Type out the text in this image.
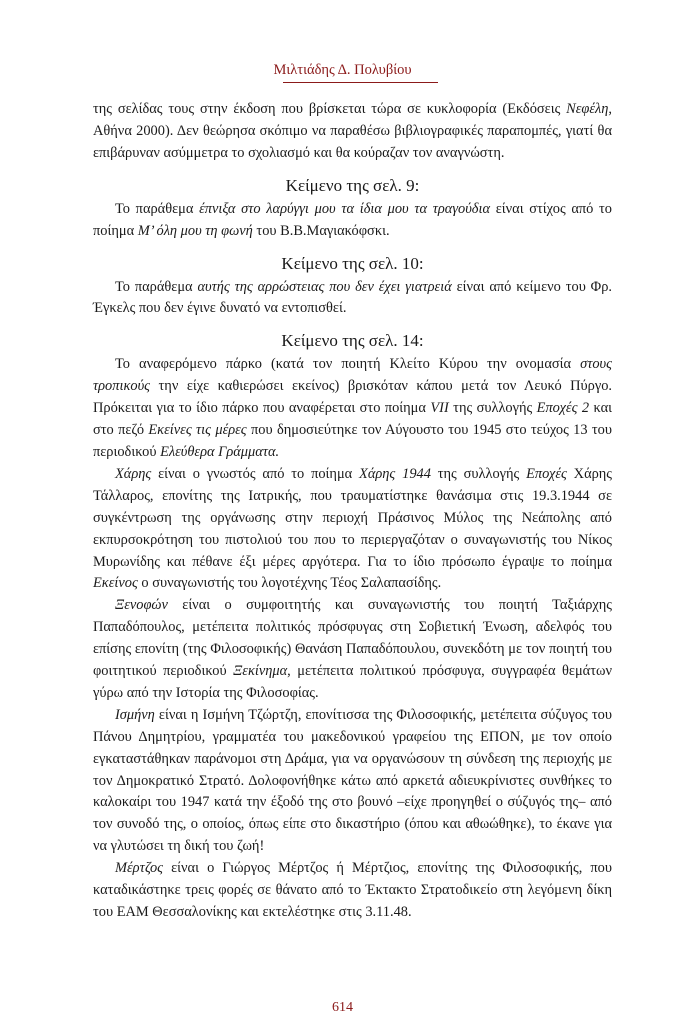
Μιλτιάδης Δ. Πολυβίου

της σελίδας τους στην έκδοση που βρίσκεται τώρα σε κυκλοφορία (Εκδόσεις Νεφέλη, Αθήνα 2000). Δεν θεώρησα σκόπιμο να παραθέσω βιβλιογραφικές παραπομπές, γιατί θα επιβάρυναν ασύμμετρα το σχολιασμό και θα κούραζαν τον αναγνώστη.

Κείμενο της σελ. 9:

Το παράθεμα έπνιξα στο λαρύγγι μου τα ίδια μου τα τραγούδια είναι στίχος από το ποίημα Μ’ όλη μου τη φωνή του Β.Β.Μαγιακόφσκι.

Κείμενο της σελ. 10:

Το παράθεμα αυτής της αρρώστειας που δεν έχει γιατρειά είναι από κείμενο του Φρ. Έγκελς που δεν έγινε δυνατό να εντοπισθεί.

Κείμενο της σελ. 14:

Το αναφερόμενο πάρκο (κατά τον ποιητή Κλείτο Κύρου την ονομασία στους τροπικούς την είχε καθιερώσει εκείνος) βρισκόταν κάπου μετά τον Λευκό Πύργο. Πρόκειται για το ίδιο πάρκο που αναφέρεται στο ποίημα VII της συλλογής Εποχές 2 και στο πεζό Εκείνες τις μέρες που δημοσιεύτηκε τον Αύγουστο του 1945 στο τεύχος 13 του περιοδικού Ελεύθερα Γράμματα.

Χάρης είναι ο γνωστός από το ποίημα Χάρης 1944 της συλλογής Εποχές Χάρης Τάλλαρος, επονίτης της Ιατρικής, που τραυματίστηκε θανάσιμα στις 19.3.1944 σε συγκέντρωση της οργάνωσης στην περιοχή Πράσινος Μύλος της Νεάπολης από εκπυρσοκρότηση του πιστολιού του που το περιεργαζόταν ο συναγωνιστής του Νίκος Μυρωνίδης και πέθανε έξι μέρες αργότερα. Για το ίδιο πρόσωπο έγραψε το ποίημα Εκείνος ο συναγωνιστής του λογοτέχνης Τέος Σαλαπασίδης.

Ξενοφών είναι ο συμφοιτητής και συναγωνιστής του ποιητή Ταξιάρχης Παπαδόπουλος, μετέπειτα πολιτικός πρόσφυγας στη Σοβιετική Ένωση, αδελφός του επίσης επονίτη (της Φιλοσοφικής) Θανάση Παπαδόπουλου, συνεκδότη με τον ποιητή του φοιτητικού περιοδικού Ξεκίνημα, μετέπειτα πολιτικού πρόσφυγα, συγγραφέα θεμάτων γύρω από την Ιστορία της Φιλοσοφίας.

Ισμήνη είναι η Ισμήνη Τζώρτζη, επονίτισσα της Φιλοσοφικής, μετέπειτα σύζυγος του Πάνου Δημητρίου, γραμματέα του μακεδονικού γραφείου της ΕΠΟΝ, με τον οποίο εγκαταστάθηκαν παράνομοι στη Δράμα, για να οργανώσουν τη σύνδεση της περιοχής με τον Δημοκρατικό Στρατό. Δολοφονήθηκε κάτω από αρκετά αδιευκρίνιστες συνθήκες το καλοκαίρι του 1947 κατά την έξοδό της στο βουνό –είχε προηγηθεί ο σύζυγός της– από τον συνοδό της, ο οποίος, όπως είπε στο δικαστήριο (όπου και αθωώθηκε), το έκανε για να γλυτώσει τη δική του ζωή!

Μέρτζος είναι ο Γιώργος Μέρτζος ή Μέρτζιος, επονίτης της Φιλοσοφικής, που καταδικάστηκε τρεις φορές σε θάνατο από το Έκτακτο Στρατοδικείο στη λεγόμενη δίκη του ΕΑΜ Θεσσαλονίκης και εκτελέστηκε στις 3.11.48.

614
